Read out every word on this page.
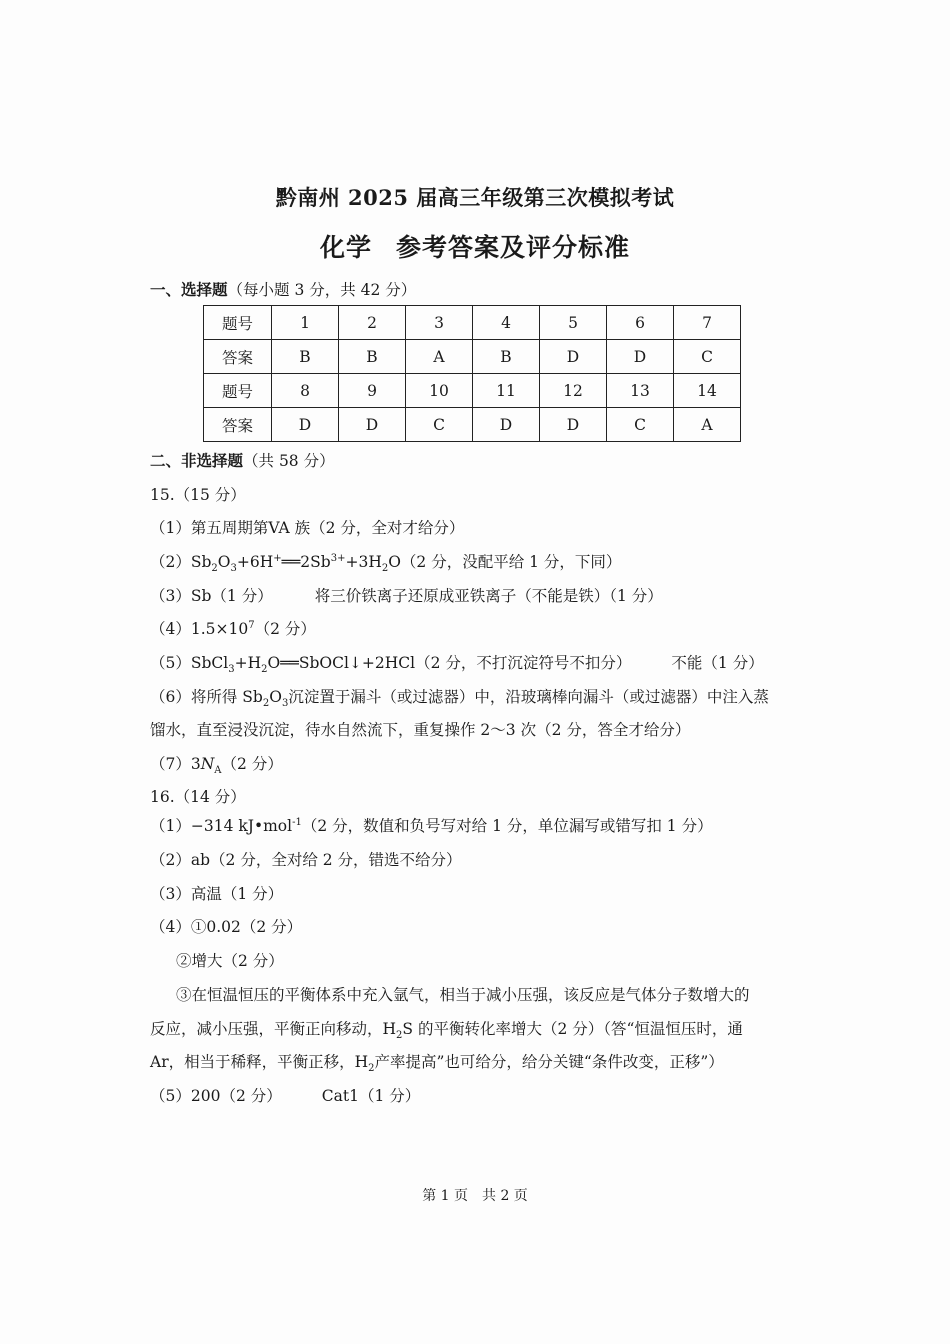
黔南州 2025 届高三年级第三次模拟考试
化学 参考答案及评分标准
一、选择题（每小题 3 分，共 42 分）
题号	1	2	3	4	5	6	7
答案	B	B	A	B	D	D	C
题号	8	9	10	11	12	13	14
答案	D	D	C	D	D	C	A
二、非选择题（共 58 分）
15.（15 分）
（1）第五周期第VA 族（2 分，全对才给分）
$(2)Sb_2O_3+6H^+══2Sb^{3+}+3H_2O(2$ 分，没配平给 1 分，下同）
（3）Sb（1 分）	将三价铁离子还原成亚铁离子（不能是铁）（1 分）
$(4)1.5\times 10^7(2$ 分）
$(5)SbCl_3+H_2O══SbOCl↓+2HCl(2$ 分，不打沉淀符号不扣分）	不能（1 分）
（6）将所得 $Sb_2O_3$沉淀置于漏斗（或过滤器）中，沿玻璃棒向漏斗（或过滤器）中注入蒸
馏水，直至浸没沉淀，待水自然流下，重复操作 2～3 次（2 分，答全才给分）
$(7)3N_A(2$ 分）
16.（14 分）
（1）−314 kJ•mol$^{-1}$（2 分，数值和负号写对给 1 分，单位漏写或错写扣 1 分）
（2）ab（2 分，全对给 2 分，错选不给分）
（3）高温（1 分）
（4）①0.02（2 分）
②增大（2 分）
③在恒温恒压的平衡体系中充入氩气，相当于减小压强，该反应是气体分子数增大的
反应，减小压强，平衡正向移动，$H_2S$ 的平衡转化率增大（2 分）（答“恒温恒压时，通
Ar，相当于稀释，平衡正移，$H_2$产率提高”也可给分，给分关键“条件改变，正移”）
（5）200（2 分）	Cat1（1 分）
第 1 页　共 2 页
